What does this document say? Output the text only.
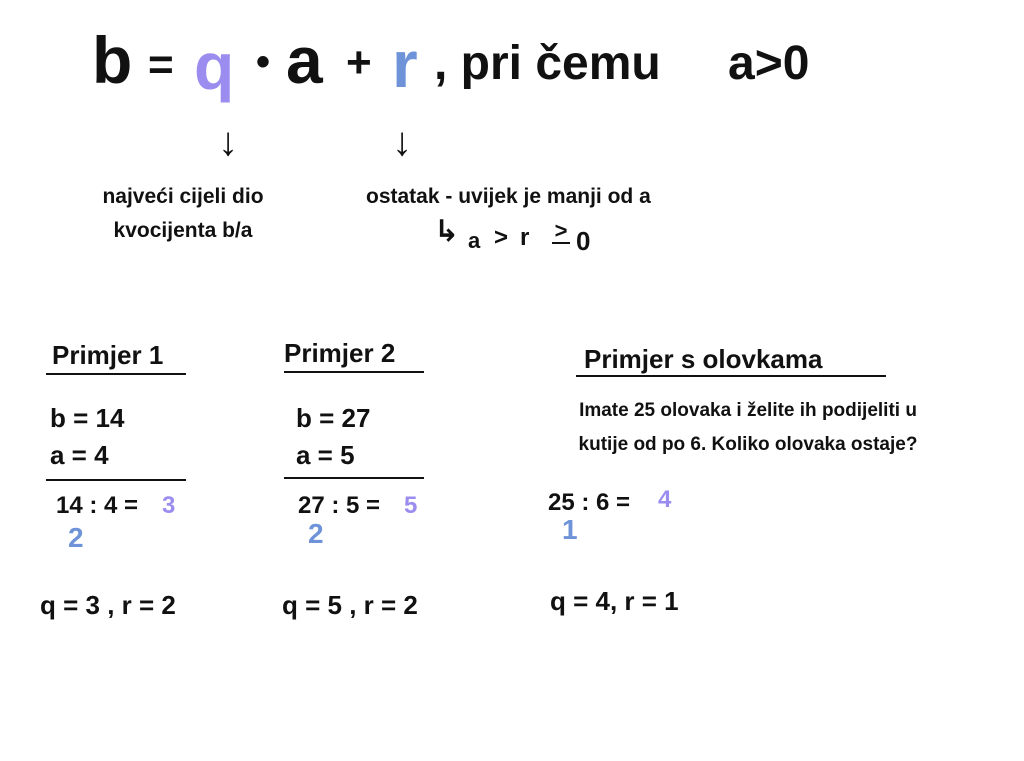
b = q • a + r , pri čemu a>0
↓	↓
najveći cijeli dio
kvocijenta b/a
ostatak - uvijek je manji od a
↳ a > r > 0
Primjer 1
b = 14
a = 4
14 : 4 = 3
2
q = 3 , r = 2
Primjer 2
b = 27
a = 5
27 : 5 = 5
2
q = 5 , r = 2
Primjer s olovkama
Imate 25 olovaka i želite ih podijeliti u
kutije od po 6. Koliko olovaka ostaje?
25 : 6 = 4
1
q = 4, r = 1
